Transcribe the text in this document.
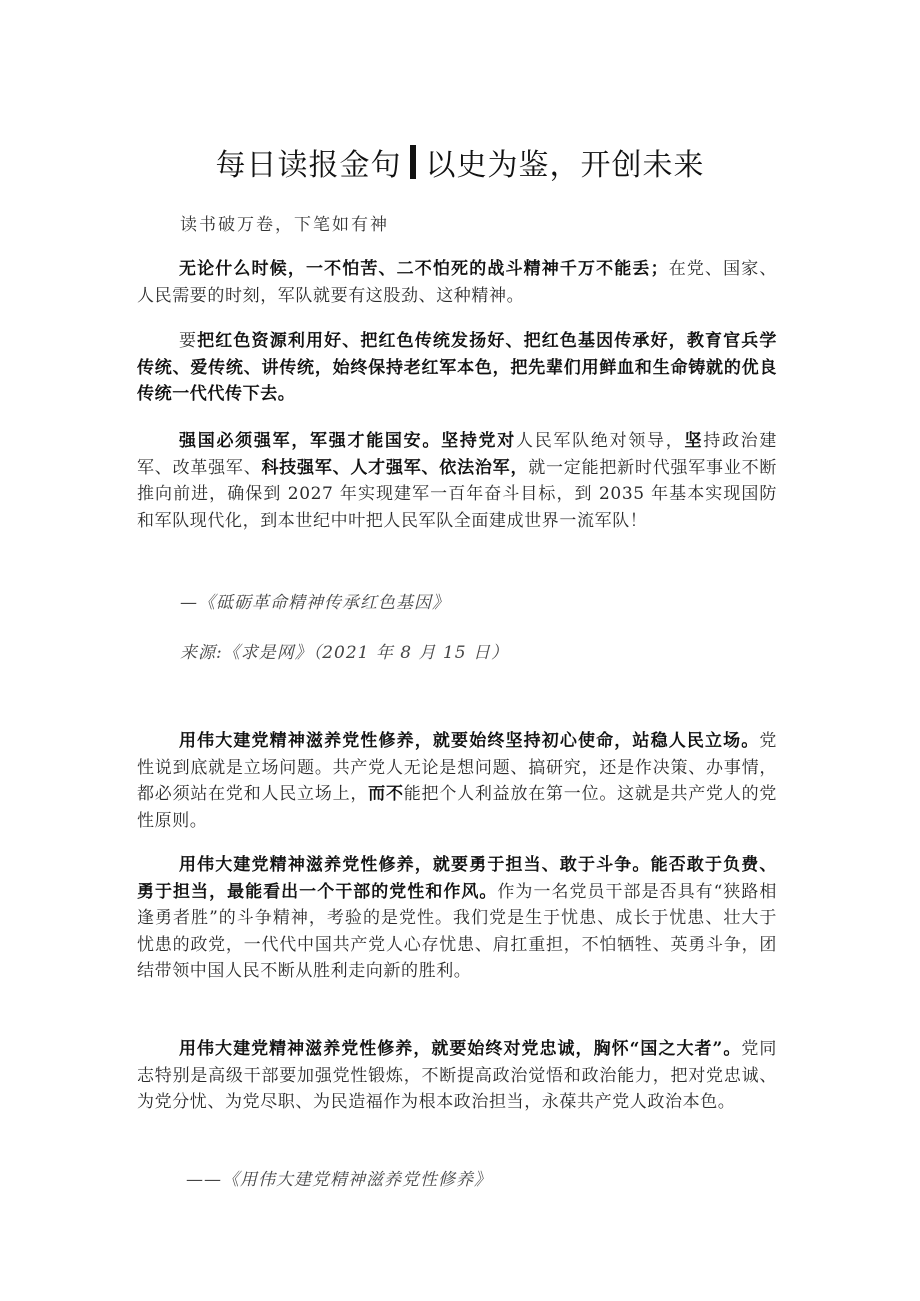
每日读报金句 以史为鉴，开创未来
读书破万卷，下笔如有神

无论什么时候，一不怕苦、二不怕死的战斗精神千万不能丢；在党、国家、人民需要的时刻，军队就要有这股劲、这种精神。

要把红色资源利用好、把红色传统发扬好、把红色基因传承好，教育官兵学传统、爱传统、讲传统，始终保持老红军本色，把先辈们用鲜血和生命铸就的优良传统一代代传下去。

强国必须强军，军强才能国安。坚持党对人民军队绝对领导，坚持政治建军、改革强军、科技强军、人才强军、依法治军，就一定能把新时代强军事业不断推向前进，确保到 2027 年实现建军一百年奋斗目标，到 2035 年基本实现国防和军队现代化，到本世纪中叶把人民军队全面建成世界一流军队！

—《砥砺革命精神传承红色基因》
来源:《求是网》（2021 年 8 月 15 日）

用伟大建党精神滋养党性修养，就要始终坚持初心使命，站稳人民立场。党性说到底就是立场问题。共产党人无论是想问题、搞研究，还是作决策、办事情，都必须站在党和人民立场上，而不能把个人利益放在第一位。这就是共产党人的党性原则。

用伟大建党精神滋养党性修养，就要勇于担当、敢于斗争。能否敢于负费、勇于担当，最能看出一个干部的党性和作风。作为一名党员干部是否具有“狭路相逢勇者胜”的斗争精神，考验的是党性。我们党是生于忧患、成长于忧患、壮大于忧患的政党，一代代中国共产党人心存忧患、肩扛重担，不怕牺牲、英勇斗争，团结带领中国人民不断从胜利走向新的胜利。

用伟大建党精神滋养党性修养，就要始终对党忠诚，胸怀“国之大者”。党同志特别是高级干部要加强党性锻炼，不断提高政治觉悟和政治能力，把对党忠诚、为党分忧、为党尽职、为民造福作为根本政治担当，永葆共产党人政治本色。

——《用伟大建党精神滋养党性修养》
